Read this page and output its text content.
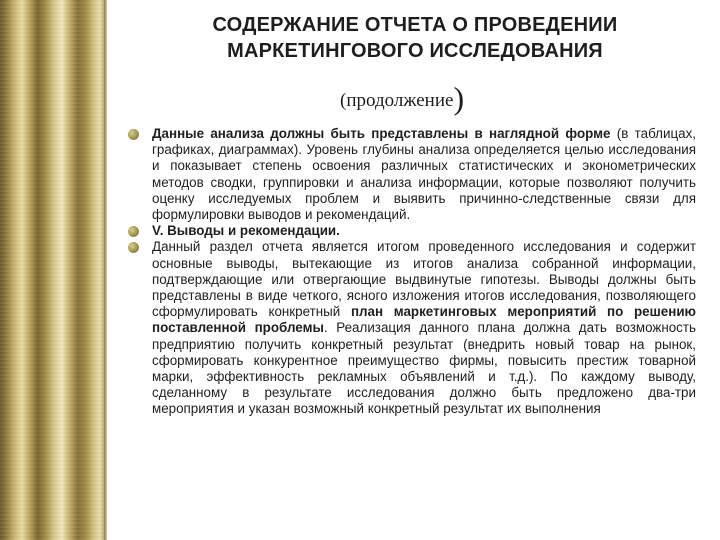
СОДЕРЖАНИЕ ОТЧЕТА О ПРОВЕДЕНИИ
МАРКЕТИНГОВОГО ИССЛЕДОВАНИЯ
(продолжение)

Данные анализа должны быть представлены в наглядной форме (в таблицах, графиках, диаграммах). Уровень глубины анализа определяется целью исследования и показывает степень освоения различных статистических и эконометрических методов сводки, группировки и анализа информации, которые позволяют получить оценку исследуемых проблем и выявить причинно-следственные связи для формулировки выводов и рекомендаций.

V. Выводы и рекомендации.

Данный раздел отчета является итогом проведенного исследования и содержит основные выводы, вытекающие из итогов анализа собранной информации, подтверждающие или отвергающие выдвинутые гипотезы. Выводы должны быть представлены в виде четкого, ясного изложения итогов исследования, позволяющего сформулировать конкретный план маркетинговых мероприятий по решению поставленной проблемы. Реализация данного плана должна дать возможность предприятию получить конкретный результат (внедрить новый товар на рынок, сформировать конкурентное преимущество фирмы, повысить престиж товарной марки, эффективность рекламных объявлений и т.д.). По каждому выводу, сделанному в результате исследования должно быть предложено два-три мероприятия и указан возможный конкретный результат их выполнения
